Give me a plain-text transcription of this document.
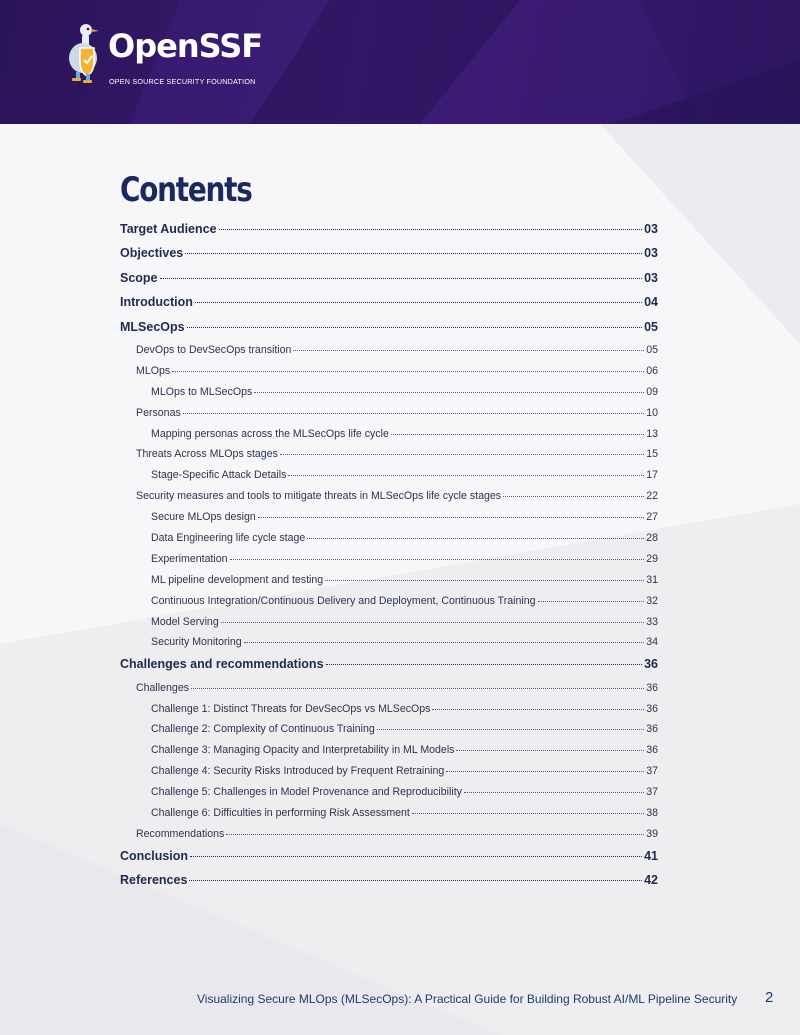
OpenSSF
OPEN SOURCE SECURITY FOUNDATION
Contents
Target Audience	03
Objectives	03
Scope	03
Introduction	04
MLSecOps	05
DevOps to DevSecOps transition	05
MLOps	06
MLOps to MLSecOps	09
Personas	10
Mapping personas across the MLSecOps life cycle	13
Threats Across MLOps stages	15
Stage-Specific Attack Details	17
Security measures and tools to mitigate threats in MLSecOps life cycle stages	22
Secure MLOps design	27
Data Engineering life cycle stage	28
Experimentation	29
ML pipeline development and testing	31
Continuous Integration/Continuous Delivery and Deployment, Continuous Training	32
Model Serving	33
Security Monitoring	34
Challenges and recommendations	36
Challenges	36
Challenge 1: Distinct Threats for DevSecOps vs MLSecOps	36
Challenge 2: Complexity of Continuous Training	36
Challenge 3: Managing Opacity and Interpretability in ML Models	36
Challenge 4: Security Risks Introduced by Frequent Retraining	37
Challenge 5: Challenges in Model Provenance and Reproducibility	37
Challenge 6: Difficulties in performing Risk Assessment	38
Recommendations	39
Conclusion	41
References	42
Visualizing Secure MLOps (MLSecOps): A Practical Guide for Building Robust AI/ML Pipeline Security 2
